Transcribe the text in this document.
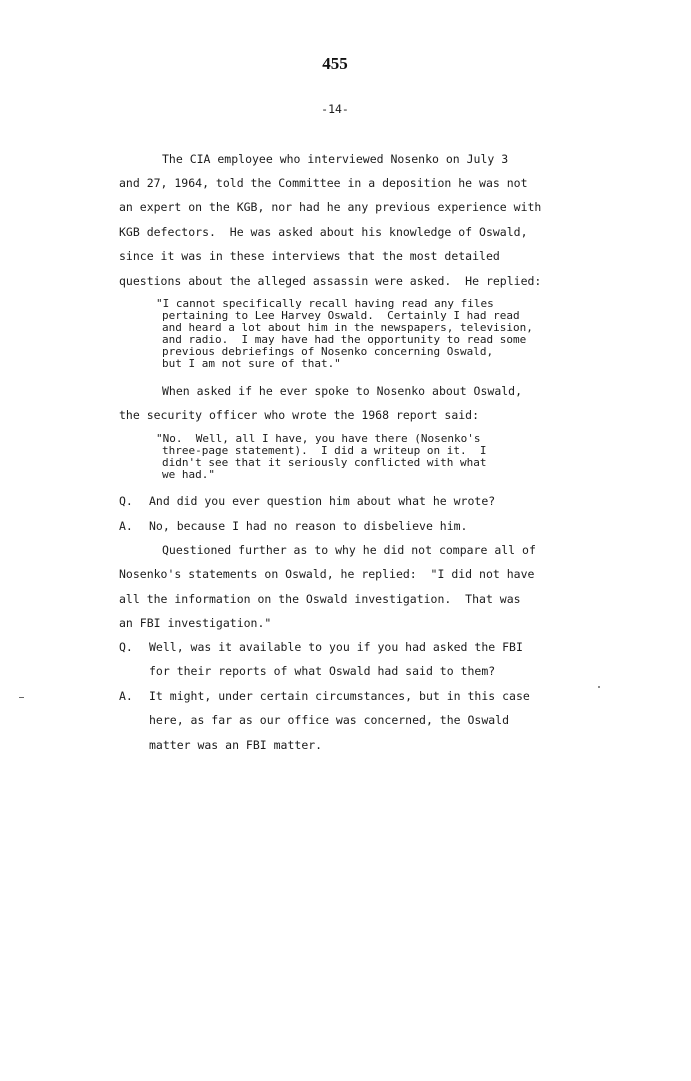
455
-14-
The CIA employee who interviewed Nosenko on July 3
and 27, 1964, told the Committee in a deposition he was not
an expert on the KGB, nor had he any previous experience with
KGB defectors.  He was asked about his knowledge of Oswald,
since it was in these interviews that the most detailed
questions about the alleged assassin were asked.  He replied:
"I cannot specifically recall having read any files
pertaining to Lee Harvey Oswald.  Certainly I had read
and heard a lot about him in the newspapers, television,
and radio.  I may have had the opportunity to read some
previous debriefings of Nosenko concerning Oswald,
but I am not sure of that."
When asked if he ever spoke to Nosenko about Oswald,
the security officer who wrote the 1968 report said:
"No.  Well, all I have, you have there (Nosenko's
three-page statement).  I did a writeup on it.  I
didn't see that it seriously conflicted with what
we had."
Q. And did you ever question him about what he wrote?
A. No, because I had no reason to disbelieve him.
Questioned further as to why he did not compare all of
Nosenko's statements on Oswald, he replied:  "I did not have
all the information on the Oswald investigation.  That was
an FBI investigation."
Q. Well, was it available to you if you had asked the FBI
for their reports of what Oswald had said to them?
A. It might, under certain circumstances, but in this case
here, as far as our office was concerned, the Oswald
matter was an FBI matter.
